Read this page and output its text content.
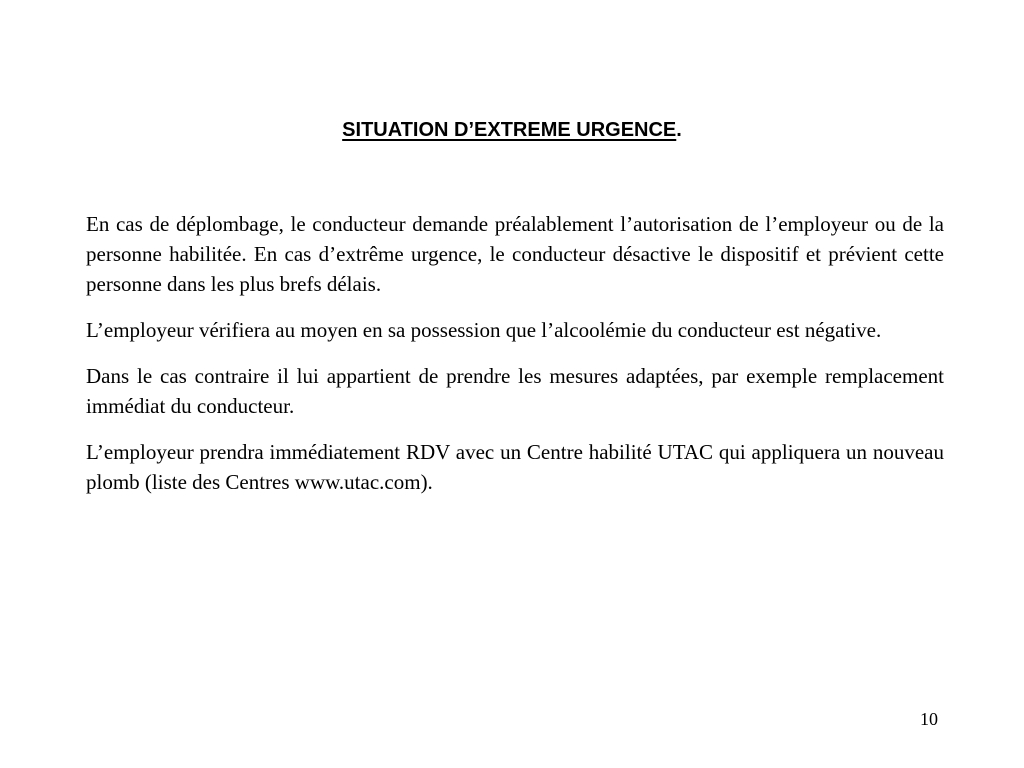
SITUATION D’EXTREME URGENCE.

En cas de déplombage, le conducteur demande préalablement l’autorisation de l’employeur ou de la personne habilitée. En cas d’extrême urgence, le conducteur désactive le dispositif et prévient cette personne dans les plus brefs délais.

L’employeur vérifiera au moyen en sa possession que l’alcoolémie du conducteur est négative.

Dans le cas contraire il lui appartient de prendre les mesures adaptées, par exemple remplacement immédiat du conducteur.

L’employeur prendra immédiatement RDV avec un Centre habilité UTAC qui appliquera un nouveau plomb (liste des Centres www.utac.com).

10
